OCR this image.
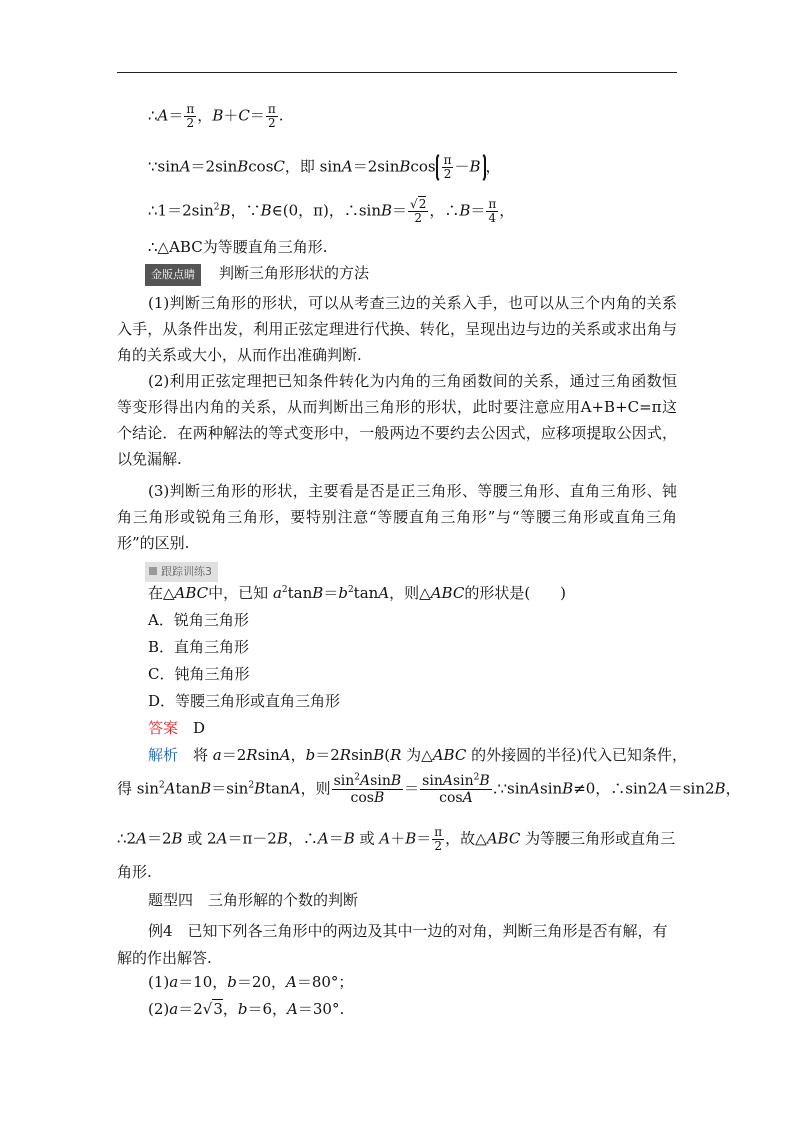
∴A＝ $\frac{\pi}{2}$ ，$B+C= \frac{\pi}{2}$ .
∵sinA＝2sinBcosC，即 sinA＝2sinBcos $\frac{\pi}{2} -B$ ，
$\therefore 1=2\sin^2B$，∵B∈(0，π)，∴sinB＝ $\frac{√2}{2}$ ，∴B＝ $\frac{\pi}{4}$ ，
∴△ABC为等腰直角三角形.
金版点睛 判断三角形形状的方法
(1)判断三角形的形状，可以从考查三边的关系入手，也可以从三个内角的关系入手，从条件出发，利用正弦定理进行代换、转化，呈现出边与边的关系或求出角与角的关系或大小，从而作出准确判断.
(2)利用正弦定理把已知条件转化为内角的三角函数间的关系，通过三角函数恒等变形得出内角的关系，从而判断出三角形的形状，此时要注意应用A+B+C=π这个结论．在两种解法的等式变形中，一般两边不要约去公因式，应移项提取公因式，以免漏解.
(3)判断三角形的形状，主要看是否是正三角形、等腰三角形、直角三角形、钝角三角形或锐角三角形，要特别注意“等腰直角三角形”与“等腰三角形或直角三角形”的区别.
跟踪训练3
在△ABC中，已知 $a^2\tan B=b^2\tan A$，则△ABC的形状是(　　)
A．锐角三角形
B．直角三角形
C．钝角三角形
D．等腰三角形或直角三角形
答案　 D
解析　将 a＝2RsinA，b＝2RsinB(R 为△ABC 的外接圆的半径)代入已知条件，
得 $\sin^2AtanB=\sin^2BtanA$，则 $\frac{\sin^2AsinB}{\cos B} = \frac{sinAsin^2B}{\cos A}$ .∵sinAsinB≠0，∴sin2A＝sin2B，
∴2A＝2B 或 2A＝π－2B，∴A＝B 或 $A+B= \frac{\pi}{2}$ ，故△ABC 为等腰三角形或直角三
角形.
题型四　三角形解的个数的判断
例4　已知下列各三角形中的两边及其中一边的对角，判断三角形是否有解，有解的作出解答.
(1)a＝10，b＝20，A＝80°；
(2)a＝2√3，b＝6，A＝30°.
